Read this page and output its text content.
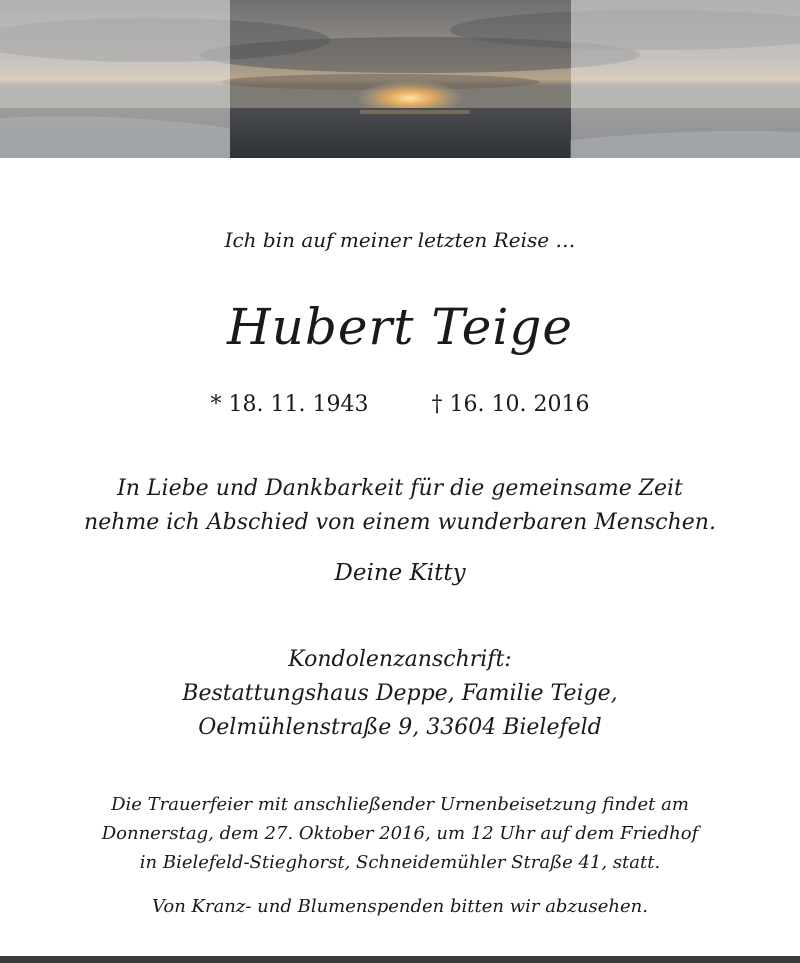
Ich bin auf meiner letzten Reise …
Hubert Teige
* 18. 11. 1943	† 16. 10. 2016
In Liebe und Dankbarkeit für die gemeinsame Zeit
nehme ich Abschied von einem wunderbaren Menschen.
Deine Kitty
Kondolenzanschrift:
Bestattungshaus Deppe, Familie Teige,
Oelmühlenstraße 9, 33604 Bielefeld
Die Trauerfeier mit anschließender Urnenbeisetzung findet am
Donnerstag, dem 27. Oktober 2016, um 12 Uhr auf dem Friedhof
in Bielefeld-Stieghorst, Schneidemühler Straße 41, statt.
Von Kranz- und Blumenspenden bitten wir abzusehen.
